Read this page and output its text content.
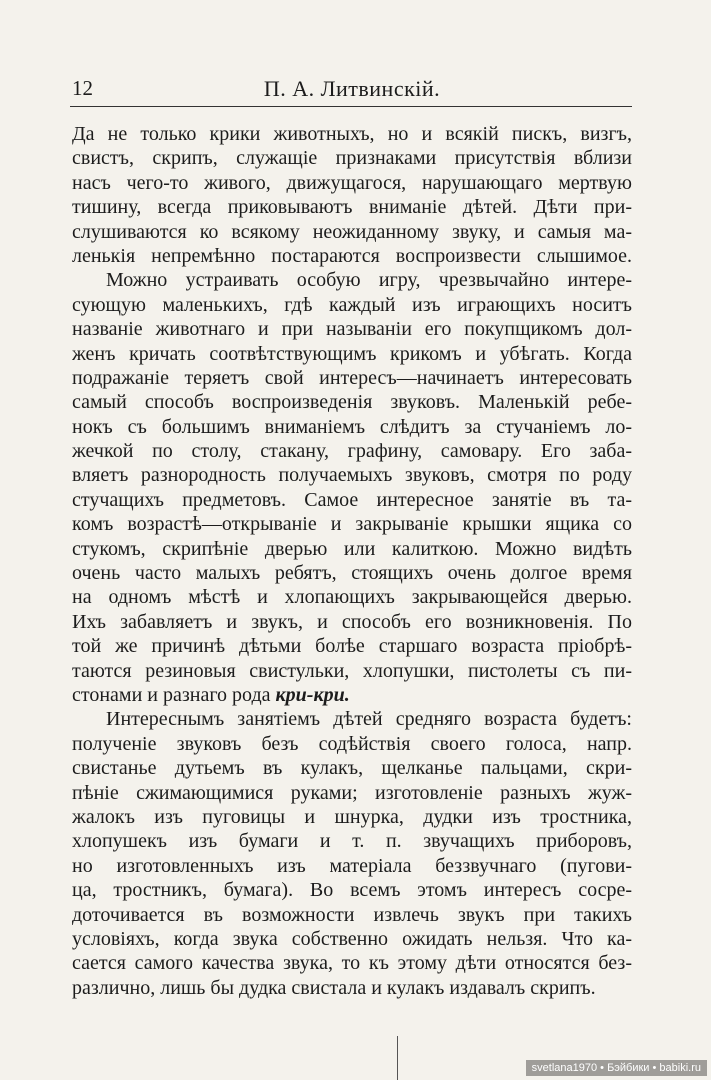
12	П. А. Литвинскій.
Да не только крики животныхъ, но и всякій пискъ, визгъ,
свистъ, скрипъ, служащіе признаками присутствія вблизи
насъ чего-то живого, движущагося, нарушающаго мертвую
тишину, всегда приковываютъ вниманіе дѣтей. Дѣти при-
слушиваются ко всякому неожиданному звуку, и самыя ма-
ленькія непремѣнно постараются воспроизвести слышимое.
Можно устраивать особую игру, чрезвычайно интере-
сующую маленькихъ, гдѣ каждый изъ играющихъ носитъ
названіе животнаго и при называніи его покупщикомъ дол-
женъ кричать соотвѣтствующимъ крикомъ и убѣгать. Когда
подражаніе теряетъ свой интересъ—начинаетъ интересовать
самый способъ воспроизведенія звуковъ. Маленькій ребе-
нокъ съ большимъ вниманіемъ слѣдитъ за стучаніемъ ло-
жечкой по столу, стакану, графину, самовару. Его заба-
вляетъ разнородность получаемыхъ звуковъ, смотря по роду
стучащихъ предметовъ. Самое интересное занятіе въ та-
комъ возрастѣ—открываніе и закрываніе крышки ящика со
стукомъ, скрипѣніе дверью или калиткою. Можно видѣть
очень часто малыхъ ребятъ, стоящихъ очень долгое время
на одномъ мѣстѣ и хлопающихъ закрывающейся дверью.
Ихъ забавляетъ и звукъ, и способъ его возникновенія. По
той же причинѣ дѣтьми болѣе старшаго возраста пріобрѣ-
таются резиновыя свистульки, хлопушки, пистолеты съ пи-
стонами и разнаго рода кри-кри.
Интереснымъ занятіемъ дѣтей средняго возраста будетъ:
полученіе звуковъ безъ содѣйствія своего голоса, напр.
свистанье дутьемъ въ кулакъ, щелканье пальцами, скри-
пѣніе сжимающимися руками; изготовленіе разныхъ жуж-
жалокъ изъ пуговицы и шнурка, дудки изъ тростника,
хлопушекъ изъ бумаги и т. п. звучащихъ приборовъ,
но изготовленныхъ изъ матеріала беззвучнаго (пугови-
ца, тростникъ, бумага). Во всемъ этомъ интересъ сосре-
доточивается въ возможности извлечь звукъ при такихъ
условіяхъ, когда звука собственно ожидать нельзя. Что ка-
сается самого качества звука, то къ этому дѣти относятся без-
различно, лишь бы дудка свистала и кулакъ издавалъ скрипъ.
svetlana1970 • Бэйбики • babiki.ru
